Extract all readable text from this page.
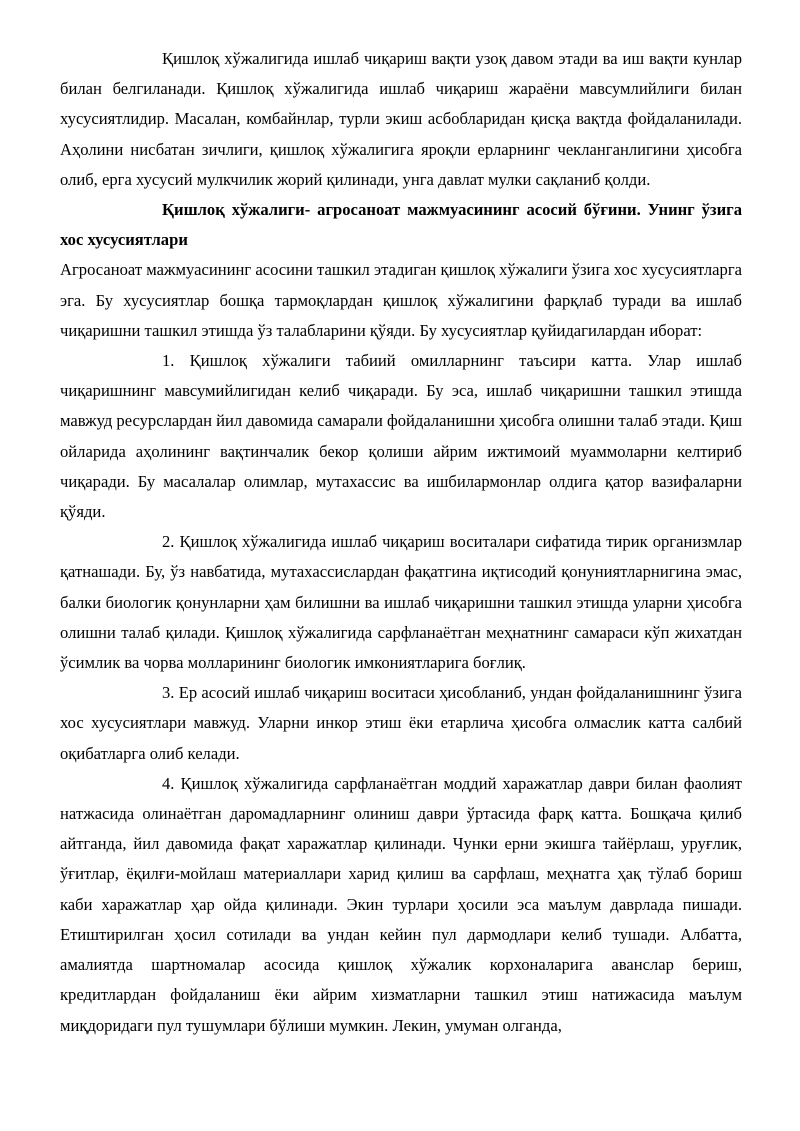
Қишлоқ хўжалигида ишлаб чиқариш вақти узоқ давом этади ва иш вақти кунлар билан белгиланади. Қишлоқ хўжалигида ишлаб чиқариш жараёни мавсумлийлиги билан хусусиятлидир. Масалан, комбайнлар, турли экиш асбобларидан қисқа вақтда фойдаланилади. Аҳолини нисбатан зичлиги, қишлоқ хўжалигига яроқли ерларнинг чекланганлигини ҳисобга олиб, ерга хусусий мулкчилик жорий қилинади, унга давлат мулки сақланиб қолди.

Қишлоқ хўжалиги- агросаноат мажмуасининг асосий бўғини. Унинг ўзига хос хусусиятлари

Агросаноат мажмуасининг асосини ташкил этадиган қишлоқ хўжалиги ўзига хос хусусиятларга эга. Бу хусусиятлар бошқа тармоқлардан қишлоқ хўжалигини фарқлаб туради ва ишлаб чиқаришни ташкил этишда ўз талабларини қўяди. Бу хусусиятлар қуйидагилардан иборат:

1. Қишлоқ хўжалиги табиий омилларнинг таъсири катта. Улар ишлаб чиқаришнинг мавсумийлигидан келиб чиқаради. Бу эса, ишлаб чиқаришни ташкил этишда мавжуд ресурслардан йил давомида самарали фойдаланишни ҳисобга олишни талаб этади. Қиш ойларида аҳолининг вақтинчалик бекор қолиши айрим ижтимоий муаммоларни келтириб чиқаради. Бу масалалар олимлар, мутахассис ва ишбилармонлар олдига қатор вазифаларни қўяди.

2. Қишлоқ хўжалигида ишлаб чиқариш воситалари сифатида тирик организмлар қатнашади. Бу, ўз навбатида, мутахассислардан фақатгина иқтисодий қонуниятларнигина эмас, балки биологик қонунларни ҳам билишни ва ишлаб чиқаришни ташкил этишда уларни ҳисобга олишни талаб қилади. Қишлоқ хўжалигида сарфланаётган меҳнатнинг самараси кўп жихатдан ўсимлик ва чорва молларининг биологик имкониятларига боғлиқ.

3. Ер асосий ишлаб чиқариш воситаси ҳисобланиб, ундан фойдаланишнинг ўзига хос хусусиятлари мавжуд. Уларни инкор этиш ёки етарлича ҳисобга олмаслик катта салбий оқибатларга олиб келади.

4. Қишлоқ хўжалигида сарфланаётган моддий харажатлар даври билан фаолият натжасида олинаётган даромадларнинг олиниш даври ўртасида фарқ катта. Бошқача қилиб айтганда, йил давомида фақат харажатлар қилинади. Чунки ерни экишга тайёрлаш, уруғлик, ўғитлар, ёқилғи-мойлаш материаллари харид қилиш ва сарфлаш, меҳнатга ҳақ тўлаб бориш каби харажатлар ҳар ойда қилинади. Экин турлари ҳосили эса маълум даврлада пишади. Етиштирилган ҳосил сотилади ва ундан кейин пул дармодлари келиб тушади. Албатта, амалиятда шартномалар асосида қишлоқ хўжалик корхоналарига аванслар бериш, кредитлардан фойдаланиш ёки айрим хизматларни ташкил этиш натижасида маълум миқдоридаги пул тушумлари бўлиши мумкин. Лекин, умуман олганда,
